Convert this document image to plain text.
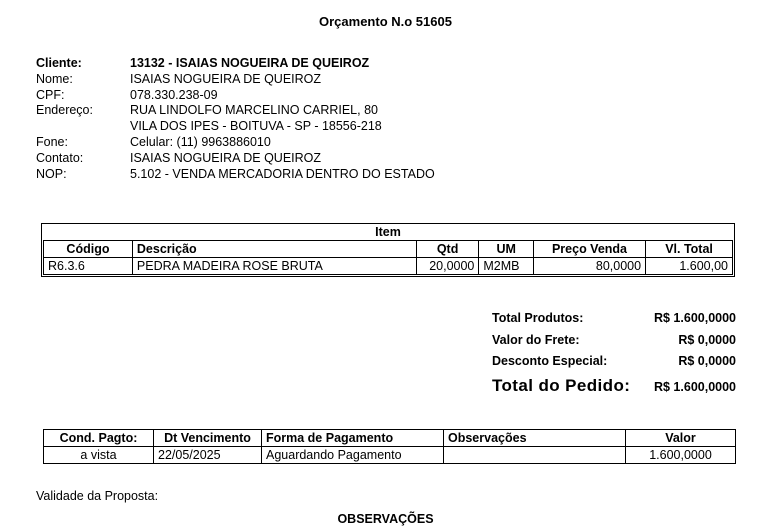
Orçamento N.o 51605
Cliente:	13132 - ISAIAS NOGUEIRA DE QUEIROZ
Nome:	ISAIAS NOGUEIRA DE QUEIROZ
CPF:	078.330.238-09
Endereço:	RUA LINDOLFO MARCELINO CARRIEL, 80
VILA DOS IPES - BOITUVA - SP - 18556-218
Fone:	Celular: (11) 9963886010
Contato:	ISAIAS NOGUEIRA DE QUEIROZ
NOP:	5.102 - VENDA MERCADORIA DENTRO DO ESTADO
Item
Código	Descrição	Qtd	UM	Preço Venda	Vl. Total
R6.3.6	PEDRA MADEIRA ROSE BRUTA	20,0000	M2MB	80,0000	1.600,00
Total Produtos:	R$ 1.600,0000
Valor do Frete:	R$ 0,0000
Desconto Especial:	R$ 0,0000
Total do Pedido: R$ 1.600,0000
Cond. Pagto:	Dt Vencimento	Forma de Pagamento	Observações	Valor
a vista	22/05/2025	Aguardando Pagamento		1.600,0000
Validade da Proposta:
OBSERVAÇÕES
